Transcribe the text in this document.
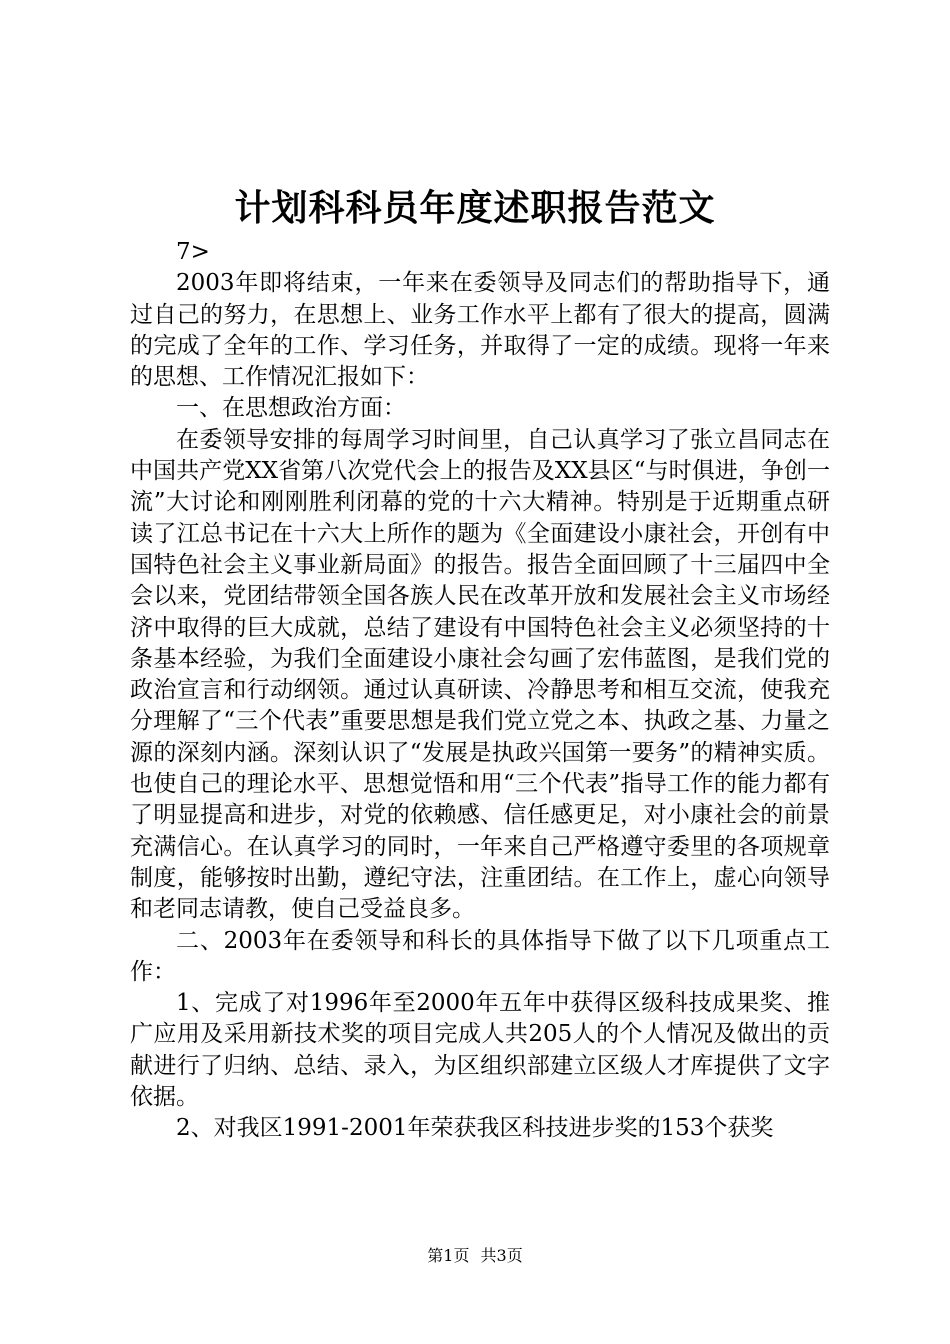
计划科科员年度述职报告范文

7>

2003年即将结束，一年来在委领导及同志们的帮助指导下，通过自己的努力，在思想上、业务工作水平上都有了很大的提高，圆满的完成了全年的工作、学习任务，并取得了一定的成绩。现将一年来的思想、工作情况汇报如下：

一、在思想政治方面：

在委领导安排的每周学习时间里，自己认真学习了张立昌同志在中国共产党XX省第八次党代会上的报告及XX县区“与时俱进，争创一流”大讨论和刚刚胜利闭幕的党的十六大精神。特别是于近期重点研读了江总书记在十六大上所作的题为《全面建设小康社会，开创有中国特色社会主义事业新局面》的报告。报告全面回顾了十三届四中全会以来，党团结带领全国各族人民在改革开放和发展社会主义市场经济中取得的巨大成就，总结了建设有中国特色社会主义必须坚持的十条基本经验，为我们全面建设小康社会勾画了宏伟蓝图，是我们党的政治宣言和行动纲领。通过认真研读、冷静思考和相互交流，使我充分理解了“三个代表”重要思想是我们党立党之本、执政之基、力量之源的深刻内涵。深刻认识了“发展是执政兴国第一要务”的精神实质。也使自己的理论水平、思想觉悟和用“三个代表”指导工作的能力都有了明显提高和进步，对党的依赖感、信任感更足，对小康社会的前景充满信心。在认真学习的同时，一年来自己严格遵守委里的各项规章制度，能够按时出勤，遵纪守法，注重团结。在工作上，虚心向领导和老同志请教，使自己受益良多。

二、2003年在委领导和科长的具体指导下做了以下几项重点工作：

1、完成了对1996年至2000年五年中获得区级科技成果奖、推广应用及采用新技术奖的项目完成人共205人的个人情况及做出的贡献进行了归纳、总结、录入，为区组织部建立区级人才库提供了文字依据。

2、对我区1991-2001年荣获我区科技进步奖的153个获奖

第1页 共3页
